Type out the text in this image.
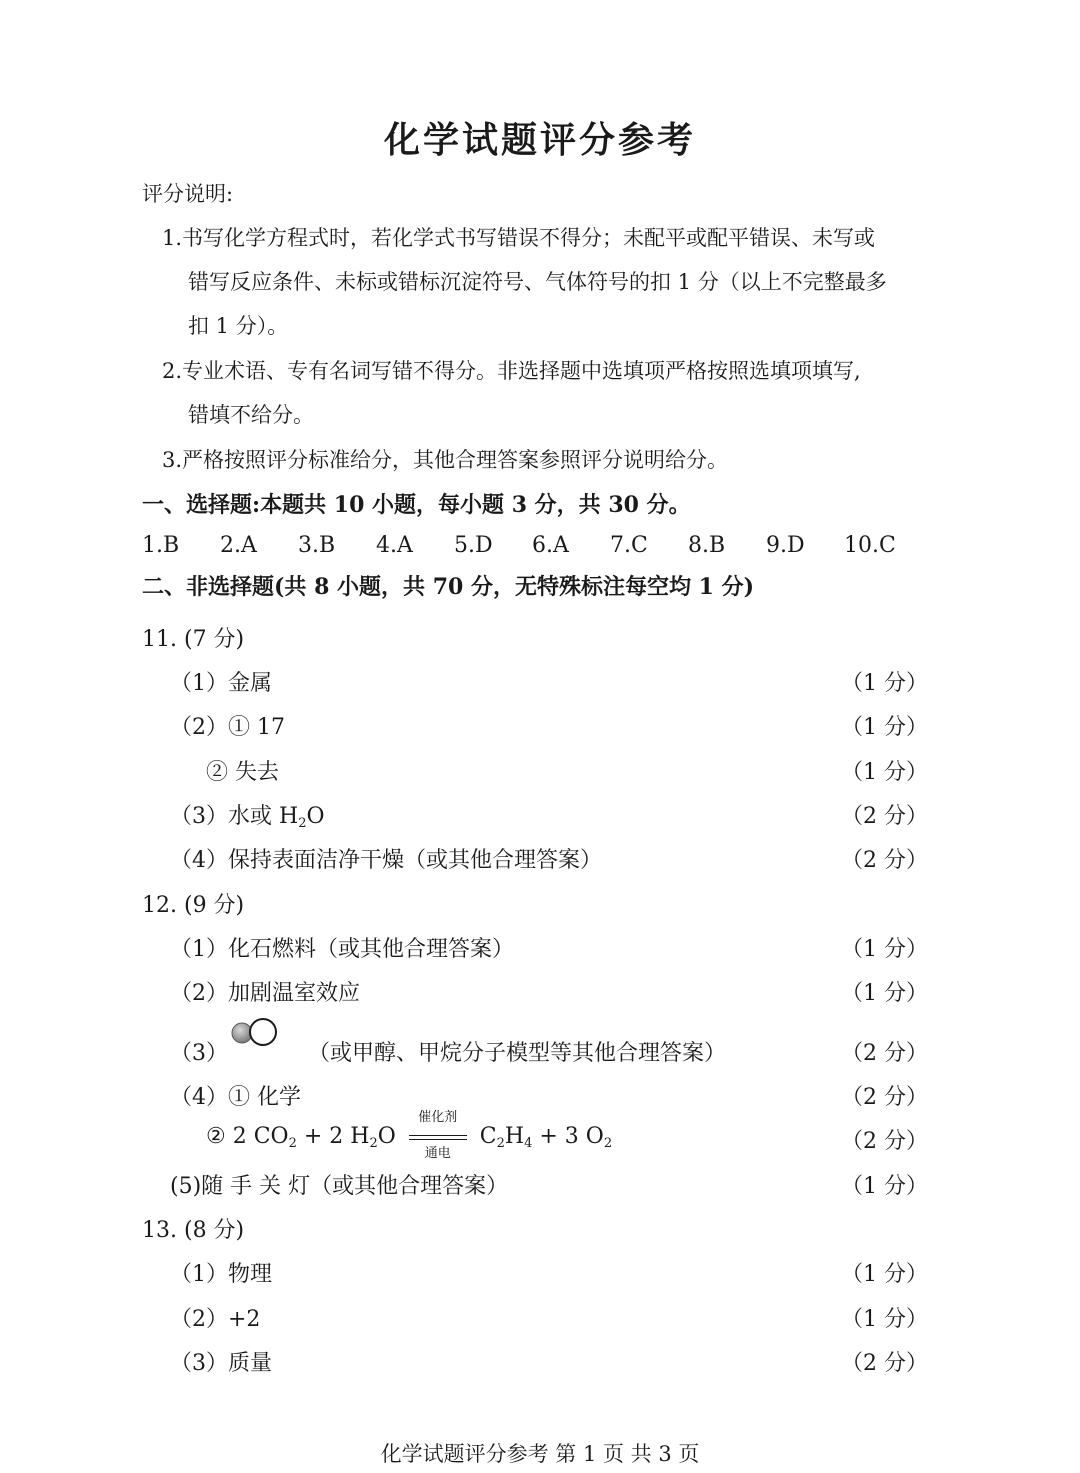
化学试题评分参考
评分说明:
1.书写化学方程式时，若化学式书写错误不得分；未配平或配平错误、未写或
错写反应条件、未标或错标沉淀符号、气体符号的扣 1 分（以上不完整最多
扣 1 分）。
2.专业术语、专有名词写错不得分。非选择题中选填项严格按照选填项填写,
错填不给分。
3.严格按照评分标准给分，其他合理答案参照评分说明给分。
一、选择题:本题共 10 小题，每小题 3 分，共 30 分。
1.B 2.A 3.B 4.A 5.D 6.A 7.C 8.B 9.D 10.C
二、非选择题(共 8 小题，共 70 分，无特殊标注每空均 1 分)
11. (7 分)
（1）金属	（1 分）
（2）① 17	（1 分）
② 失去	（1 分）
（3）水或 $H_2O$	（2 分）
（4）保持表面洁净干燥（或其他合理答案）	（2 分）
12. (9 分)
（1）化石燃料（或其他合理答案）	（1 分）
（2）加剧温室效应	（1 分）
（3）	（或甲醇、甲烷分子模型等其他合理答案）	（2 分）
（4）① 化学	（2 分）
② 2 $CO_2 + 2$ $H_2O$
催化剂
通电
$C_2H_4 + 3$ $O_2$	（2 分）
(5)随 手 关 灯（或其他合理答案）	（1 分）
13. (8 分)
（1）物理	（1 分）
（2）+2	（1 分）
（3）质量	（2 分）
化学试题评分参考 第 1 页 共 3 页
